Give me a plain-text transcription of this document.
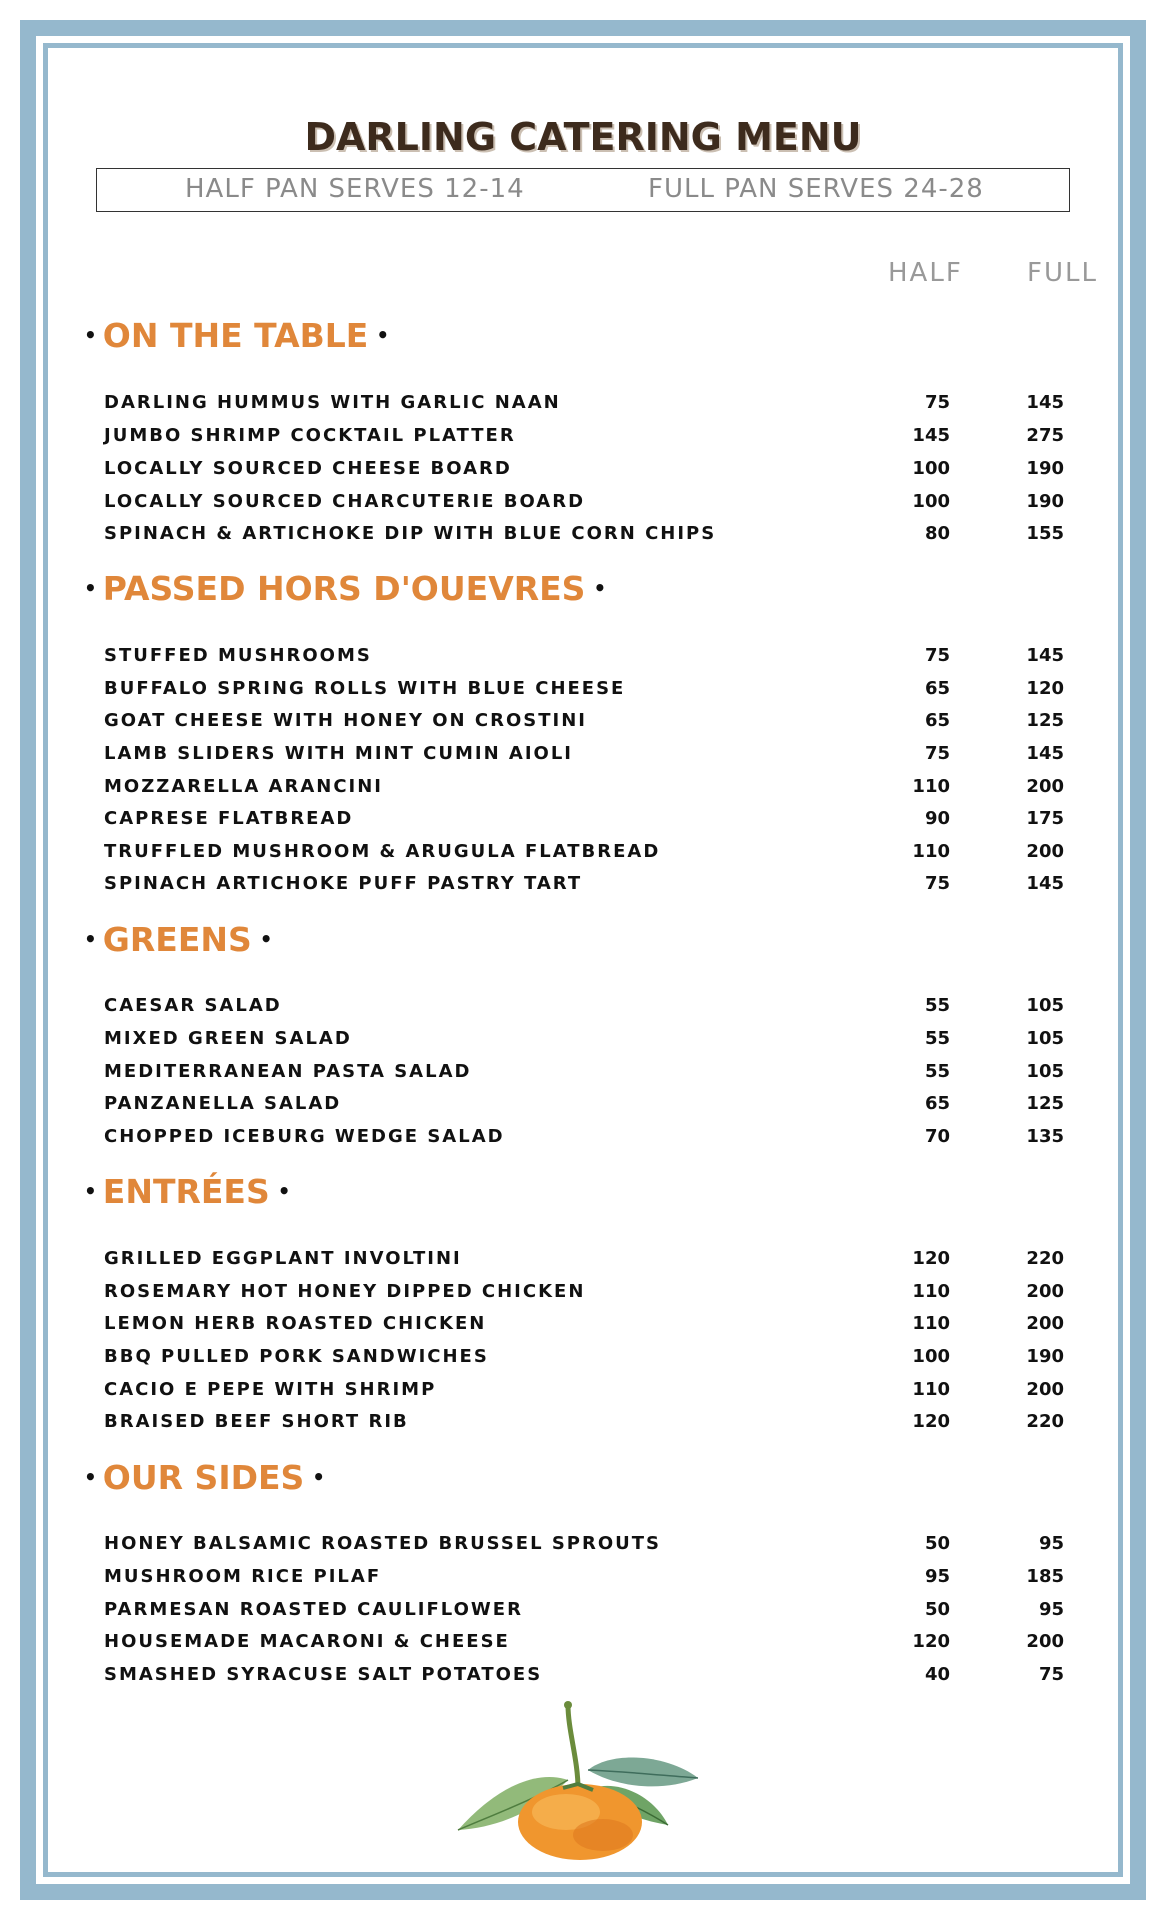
DARLING CATERING MENU
HALF PAN SERVES 12-14	FULL PAN SERVES 24-28
HALF FULL
• ON THE TABLE •
DARLING HUMMUS WITH GARLIC NAAN	75	145
JUMBO SHRIMP COCKTAIL PLATTER	145	275
LOCALLY SOURCED CHEESE BOARD	100	190
LOCALLY SOURCED CHARCUTERIE BOARD	100	190
SPINACH & ARTICHOKE DIP WITH BLUE CORN CHIPS	80	155
• PASSED HORS D'OUEVRES •
STUFFED MUSHROOMS	75	145
BUFFALO SPRING ROLLS WITH BLUE CHEESE	65	120
GOAT CHEESE WITH HONEY ON CROSTINI	65	125
LAMB SLIDERS WITH MINT CUMIN AIOLI	75	145
MOZZARELLA ARANCINI	110	200
CAPRESE FLATBREAD	90	175
TRUFFLED MUSHROOM & ARUGULA FLATBREAD	110	200
SPINACH ARTICHOKE PUFF PASTRY TART	75	145
• GREENS •
CAESAR SALAD	55	105
MIXED GREEN SALAD	55	105
MEDITERRANEAN PASTA SALAD	55	105
PANZANELLA SALAD	65	125
CHOPPED ICEBURG WEDGE SALAD	70	135
• ENTRÉES •
GRILLED EGGPLANT INVOLTINI	120	220
ROSEMARY HOT HONEY DIPPED CHICKEN	110	200
LEMON HERB ROASTED CHICKEN	110	200
BBQ PULLED PORK SANDWICHES	100	190
CACIO E PEPE WITH SHRIMP	110	200
BRAISED BEEF SHORT RIB	120	220
• OUR SIDES •
HONEY BALSAMIC ROASTED BRUSSEL SPROUTS	50	95
MUSHROOM RICE PILAF	95	185
PARMESAN ROASTED CAULIFLOWER	50	95
HOUSEMADE MACARONI & CHEESE	120	200
SMASHED SYRACUSE SALT POTATOES	40	75
